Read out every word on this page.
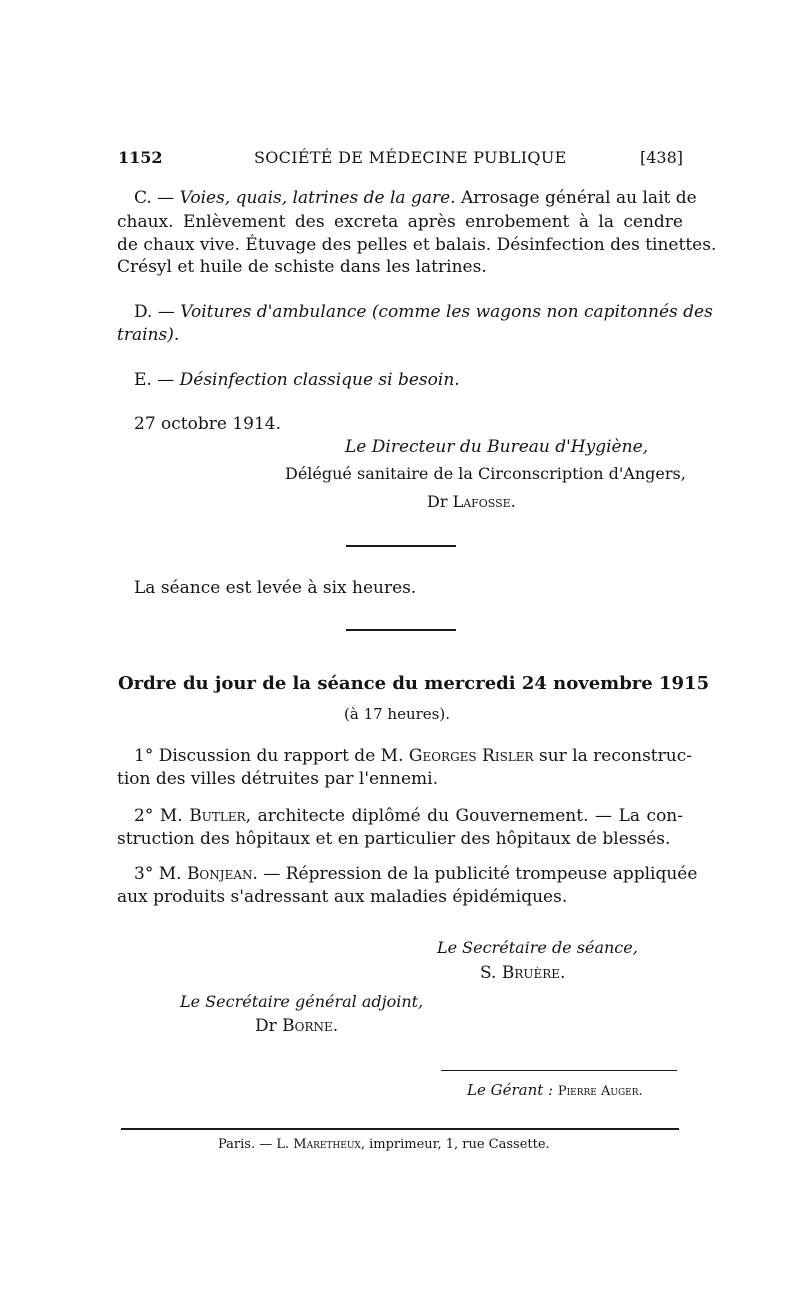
1152	SOCIÉTÉ DE MÉDECINE PUBLIQUE	[438]
C. — Voies, quais, latrines de la gare. Arrosage général au lait de
chaux. Enlèvement des excreta après enrobement à la cendre
de chaux vive. Étuvage des pelles et balais. Désinfection des tinettes.
Crésyl et huile de schiste dans les latrines.
D. — Voitures d'ambulance (comme les wagons non capitonnés des
trains).
E. — Désinfection classique si besoin.
27 octobre 1914.
Le Directeur du Bureau d'Hygiène,
Délégué sanitaire de la Circonscription d'Angers,
Dr Lafosse.
La séance est levée à six heures.
Ordre du jour de la séance du mercredi 24 novembre 1915
(à 17 heures).
1° Discussion du rapport de M. Georges Risler sur la reconstruc-
tion des villes détruites par l'ennemi.
2° M. Butler, architecte diplômé du Gouvernement. — La con-
struction des hôpitaux et en particulier des hôpitaux de blessés.
3° M. Bonjean. — Répression de la publicité trompeuse appliquée
aux produits s'adressant aux maladies épidémiques.
Le Secrétaire de séance,
S. Bruère.
Le Secrétaire général adjoint,
Dr Borne.
Le Gérant : Pierre Auger.
Paris. — L. Maretheux, imprimeur, 1, rue Cassette.
